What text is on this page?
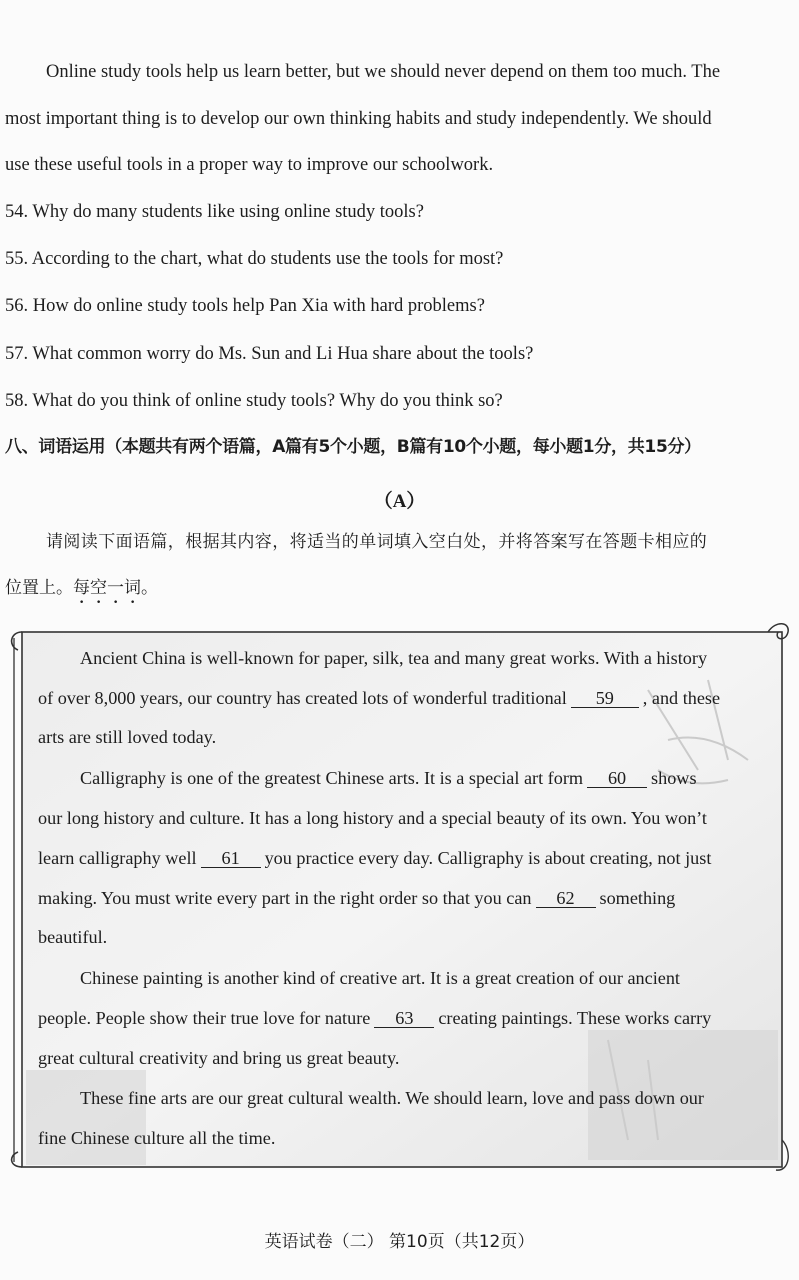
Online study tools help us learn better, but we should never depend on them too much. The
most important thing is to develop our own thinking habits and study independently. We should
use these useful tools in a proper way to improve our schoolwork.
54. Why do many students like using online study tools?
55. According to the chart, what do students use the tools for most?
56. How do online study tools help Pan Xia with hard problems?
57. What common worry do Ms. Sun and Li Hua share about the tools?
58. What do you think of online study tools? Why do you think so?
八、词语运用（本题共有两个语篇，A篇有5个小题，B篇有10个小题，每小题1分，共15分）
（A）
请阅读下面语篇，根据其内容，将适当的单词填入空白处，并将答案写在答题卡相应的
位置上。每空一词。
Ancient China is well-known for paper, silk, tea and many great works. With a history
of over 8,000 years, our country has created lots of wonderful traditional 59 , and these
arts are still loved today.
Calligraphy is one of the greatest Chinese arts. It is a special art form 60 shows
our long history and culture. It has a long history and a special beauty of its own. You won’t
learn calligraphy well 61 you practice every day. Calligraphy is about creating, not just
making. You must write every part in the right order so that you can 62 something
beautiful.
Chinese painting is another kind of creative art. It is a great creation of our ancient
people. People show their true love for nature 63 creating paintings. These works carry
great cultural creativity and bring us great beauty.
These fine arts are our great cultural wealth. We should learn, love and pass down our
fine Chinese culture all the time.
英语试卷（二） 第10页（共12页）
